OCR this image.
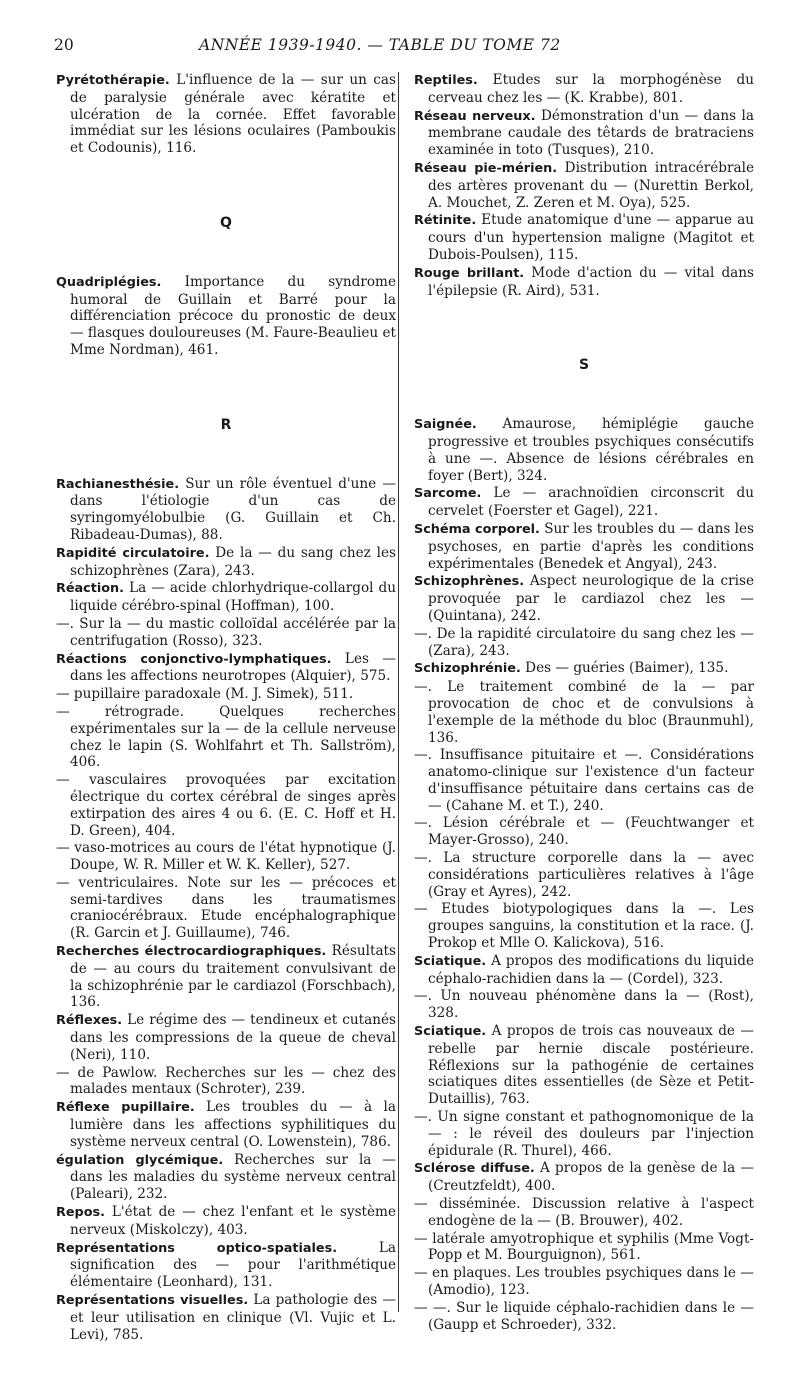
20	ANNÉE 1939-1940. — TABLE DU TOME 72
Pyrétothérapie. L'influence de la — sur un cas de paralysie générale avec kératite et ulcération de la cornée. Effet favorable immédiat sur les lésions oculaires (Pamboukis et Codounis), 116.
Q
Quadriplégies. Importance du syndrome humoral de Guillain et Barré pour la différenciation précoce du pronostic de deux — flasques douloureuses (M. Faure-Beaulieu et Mme Nordman), 461.
R
Rachianesthésie. Sur un rôle éventuel d'une — dans l'étiologie d'un cas de syringomyélobulbie (G. Guillain et Ch. Ribadeau-Dumas), 88.
Rapidité circulatoire. De la — du sang chez les schizophrènes (Zara), 243.
Réaction. La — acide chlorhydrique-collargol du liquide cérébro-spinal (Hoffman), 100.
—. Sur la — du mastic colloïdal accélérée par la centrifugation (Rosso), 323.
Réactions conjonctivo-lymphatiques. Les — dans les affections neurotropes (Alquier), 575.
— pupillaire paradoxale (M. J. Simek), 511.
— rétrograde. Quelques recherches expérimentales sur la — de la cellule nerveuse chez le lapin (S. Wohlfahrt et Th. Sallström), 406.
— vasculaires provoquées par excitation électrique du cortex cérébral de singes après extirpation des aires 4 ou 6. (E. C. Hoff et H. D. Green), 404.
— vaso-motrices au cours de l'état hypnotique (J. Doupe, W. R. Miller et W. K. Keller), 527.
— ventriculaires. Note sur les — précoces et semi-tardives dans les traumatismes craniocérébraux. Etude encéphalographique (R. Garcin et J. Guillaume), 746.
Recherches électrocardiographiques. Résultats de — au cours du traitement convulsivant de la schizophrénie par le cardiazol (Forschbach), 136.
Réflexes. Le régime des — tendineux et cutanés dans les compressions de la queue de cheval (Neri), 110.
— de Pawlow. Recherches sur les — chez des malades mentaux (Schroter), 239.
Réflexe pupillaire. Les troubles du — à la lumière dans les affections syphilitiques du système nerveux central (O. Lowenstein), 786.
égulation glycémique. Recherches sur la — dans les maladies du système nerveux central (Paleari), 232.
Repos. L'état de — chez l'enfant et le système nerveux (Miskolczy), 403.
Représentations optico-spatiales. La signification des — pour l'arithmétique élémentaire (Leonhard), 131.
Représentations visuelles. La pathologie des — et leur utilisation en clinique (Vl. Vujic et L. Levi), 785.
Reptiles. Etudes sur la morphogénèse du cerveau chez les — (K. Krabbe), 801.
Réseau nerveux. Démonstration d'un — dans la membrane caudale des têtards de bratraciens examinée in toto (Tusques), 210.
Réseau pie-mérien. Distribution intracérébrale des artères provenant du — (Nurettin Berkol, A. Mouchet, Z. Zeren et M. Oya), 525.
Rétinite. Etude anatomique d'une — apparue au cours d'un hypertension maligne (Magitot et Dubois-Poulsen), 115.
Rouge brillant. Mode d'action du — vital dans l'épilepsie (R. Aird), 531.
S
Saignée. Amaurose, hémiplégie gauche progressive et troubles psychiques consécutifs à une —. Absence de lésions cérébrales en foyer (Bert), 324.
Sarcome. Le — arachnoïdien circonscrit du cervelet (Foerster et Gagel), 221.
Schéma corporel. Sur les troubles du — dans les psychoses, en partie d'après les conditions expérimentales (Benedek et Angyal), 243.
Schizophrènes. Aspect neurologique de la crise provoquée par le cardiazol chez les — (Quintana), 242.
—. De la rapidité circulatoire du sang chez les — (Zara), 243.
Schizophrénie. Des — guéries (Baimer), 135.
—. Le traitement combiné de la — par provocation de choc et de convulsions à l'exemple de la méthode du bloc (Braunmuhl), 136.
—. Insuffisance pituitaire et —. Considérations anatomo-clinique sur l'existence d'un facteur d'insuffisance pétuitaire dans certains cas de — (Cahane M. et T.), 240.
—. Lésion cérébrale et — (Feuchtwanger et Mayer-Grosso), 240.
—. La structure corporelle dans la — avec considérations particulières relatives à l'âge (Gray et Ayres), 242.
— Etudes biotypologiques dans la —. Les groupes sanguins, la constitution et la race. (J. Prokop et Mlle O. Kalickova), 516.
Sciatique. A propos des modifications du liquide céphalo-rachidien dans la — (Cordel), 323.
—. Un nouveau phénomène dans la — (Rost), 328.
Sciatique. A propos de trois cas nouveaux de — rebelle par hernie discale postérieure. Réflexions sur la pathogénie de certaines sciatiques dites essentielles (de Sèze et Petit-Dutaillis), 763.
—. Un signe constant et pathognomonique de la — : le réveil des douleurs par l'injection épidurale (R. Thurel), 466.
Sclérose diffuse. A propos de la genèse de la — (Creutzfeldt), 400.
— disséminée. Discussion relative à l'aspect endogène de la — (B. Brouwer), 402.
— latérale amyotrophique et syphilis (Mme Vogt-Popp et M. Bourguignon), 561.
— en plaques. Les troubles psychiques dans le — (Amodio), 123.
— —. Sur le liquide céphalo-rachidien dans le — (Gaupp et Schroeder), 332.
